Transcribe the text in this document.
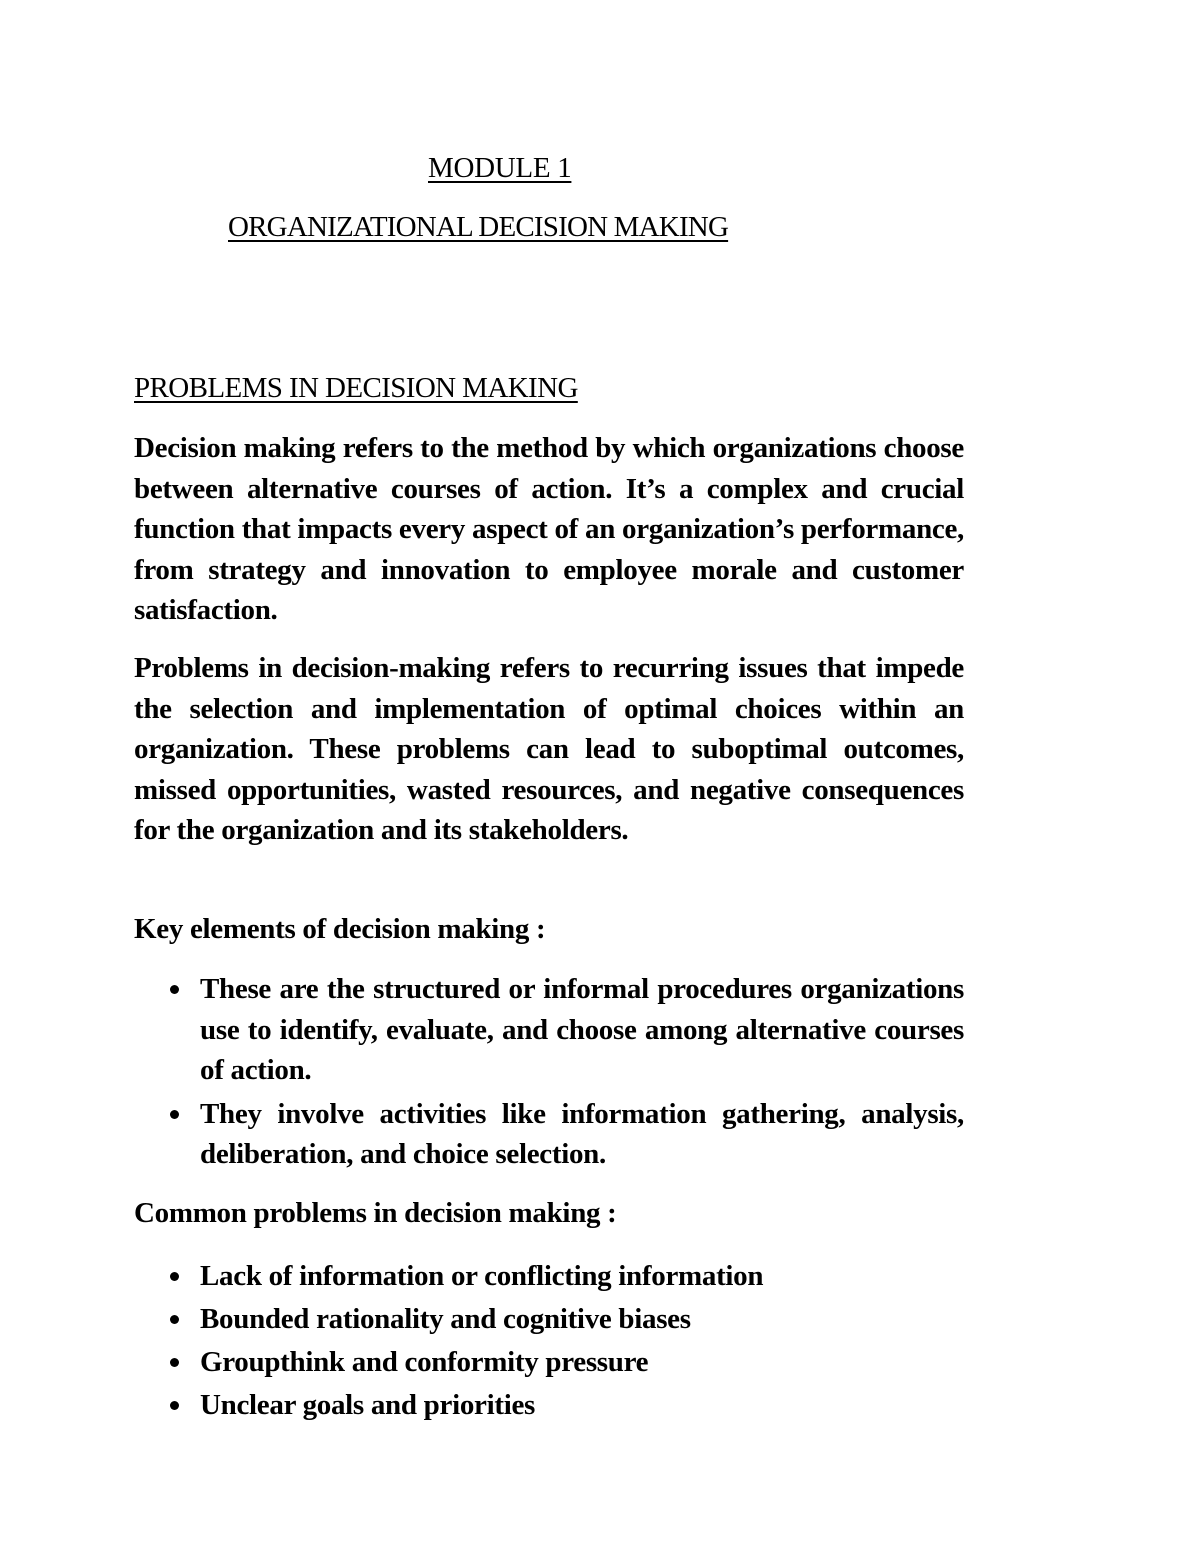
MODULE 1
ORGANIZATIONAL DECISION MAKING
PROBLEMS IN DECISION MAKING
Decision making refers to the method by which organizations choose between alternative courses of action. It’s a complex and crucial function that impacts every aspect of an organization’s performance, from strategy and innovation to employee morale and customer satisfaction.
Problems in decision-making refers to recurring issues that impede the selection and implementation of optimal choices within an organization. These problems can lead to suboptimal outcomes, missed opportunities, wasted resources, and negative consequences for the organization and its stakeholders.
Key elements of decision making :
These are the structured or informal procedures organizations use to identify, evaluate, and choose among alternative courses of action.
They involve activities like information gathering, analysis, deliberation, and choice selection.
Common problems in decision making :
Lack of information or conflicting information
Bounded rationality and cognitive biases
Groupthink and conformity pressure
Unclear goals and priorities
